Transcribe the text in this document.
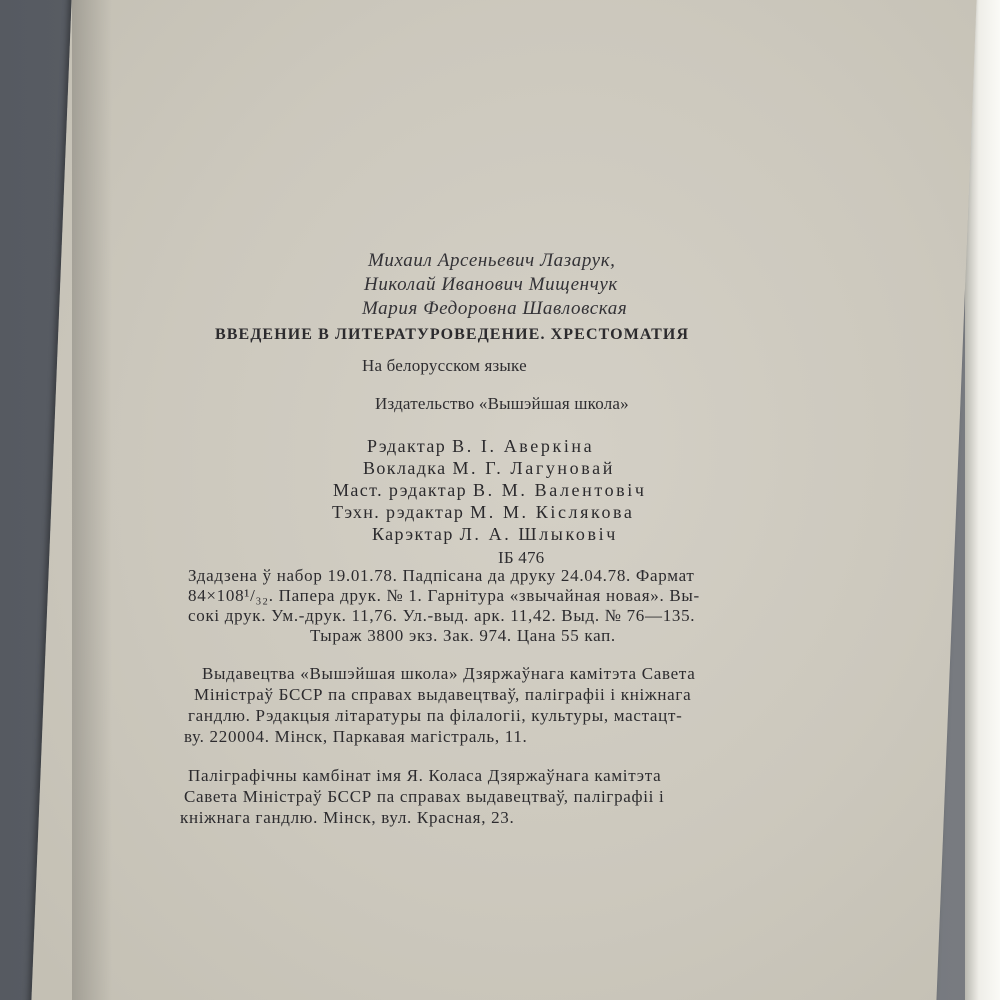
Михаил Арсеньевич Лазарук,

Николай Иванович Мищенчук

Мария Федоровна Шавловская

ВВЕДЕНИЕ В ЛИТЕРАТУРОВЕДЕНИЕ. ХРЕСТОМАТИЯ

На белорусском языке

Издательство «Вышэйшая школа»

Рэдактар В. І. Аверкіна

Вокладка М. Г. Лагуновай

Маст. рэдактар В. М. Валентовіч

Тэхн. рэдактар М. М. Кіслякова

Карэктар Л. А. Шлыковіч

ІБ 476

Здадзена ў набор 19.01.78. Падпісана да друку 24.04.78. Фармат

84×108¹/₃₂. Папера друк. № 1. Гарнітура «звычайная новая». Вы-

сокі друк. Ум.-друк. 11,76. Ул.-выд. арк. 11,42. Выд. № 76—135.

Тыраж 3800 экз. Зак. 974. Цана 55 кап.

Выдавецтва «Вышэйшая школа» Дзяржаўнага камітэта Савета

Міністраў БССР па справах выдавецтваў, паліграфіі і кніжнага

гандлю. Рэдакцыя літаратуры па філалогіі, культуры, мастацт-

ву. 220004. Мінск, Паркавая магістраль, 11.

Паліграфічны камбінат імя Я. Коласа Дзяржаўнага камітэта

Савета Міністраў БССР па справах выдавецтваў, паліграфіі і

кніжнага гандлю. Мінск, вул. Красная, 23.
